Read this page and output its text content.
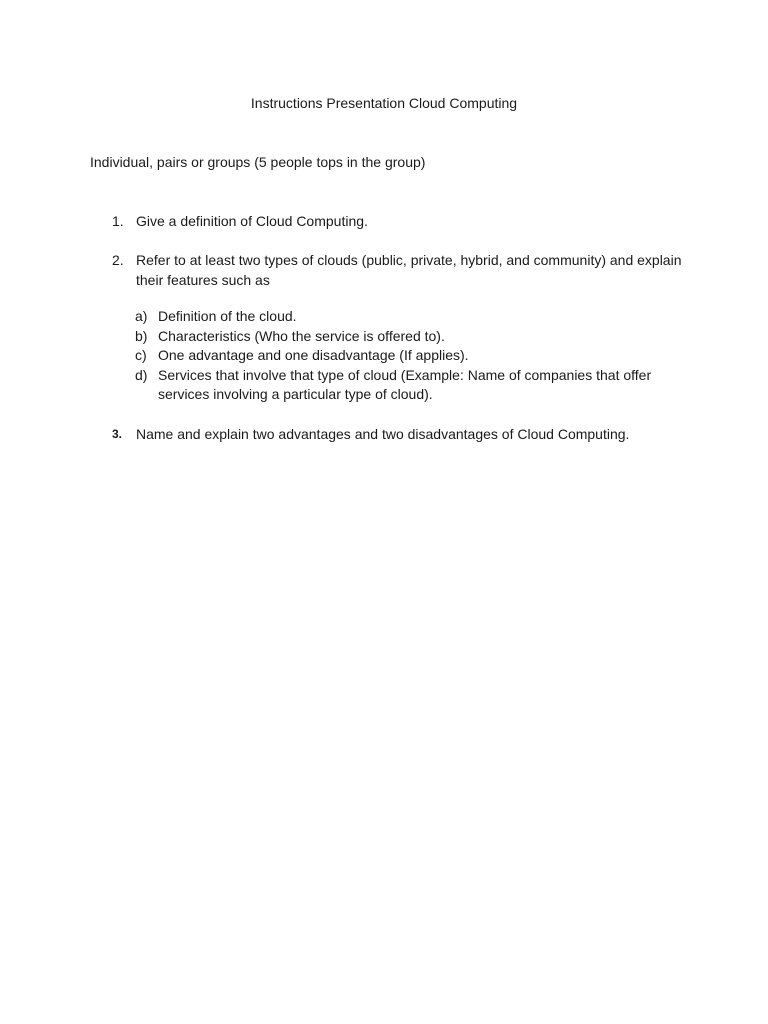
Instructions Presentation Cloud Computing
Individual, pairs or groups (5 people tops in the group)
1. Give a definition of Cloud Computing.
2. Refer to at least two types of clouds (public, private, hybrid, and community) and explain their features such as
a) Definition of the cloud.
b) Characteristics (Who the service is offered to).
c) One advantage and one disadvantage (If applies).
d) Services that involve that type of cloud (Example: Name of companies that offer services involving a particular type of cloud).
3. Name and explain two advantages and two disadvantages of Cloud Computing.
